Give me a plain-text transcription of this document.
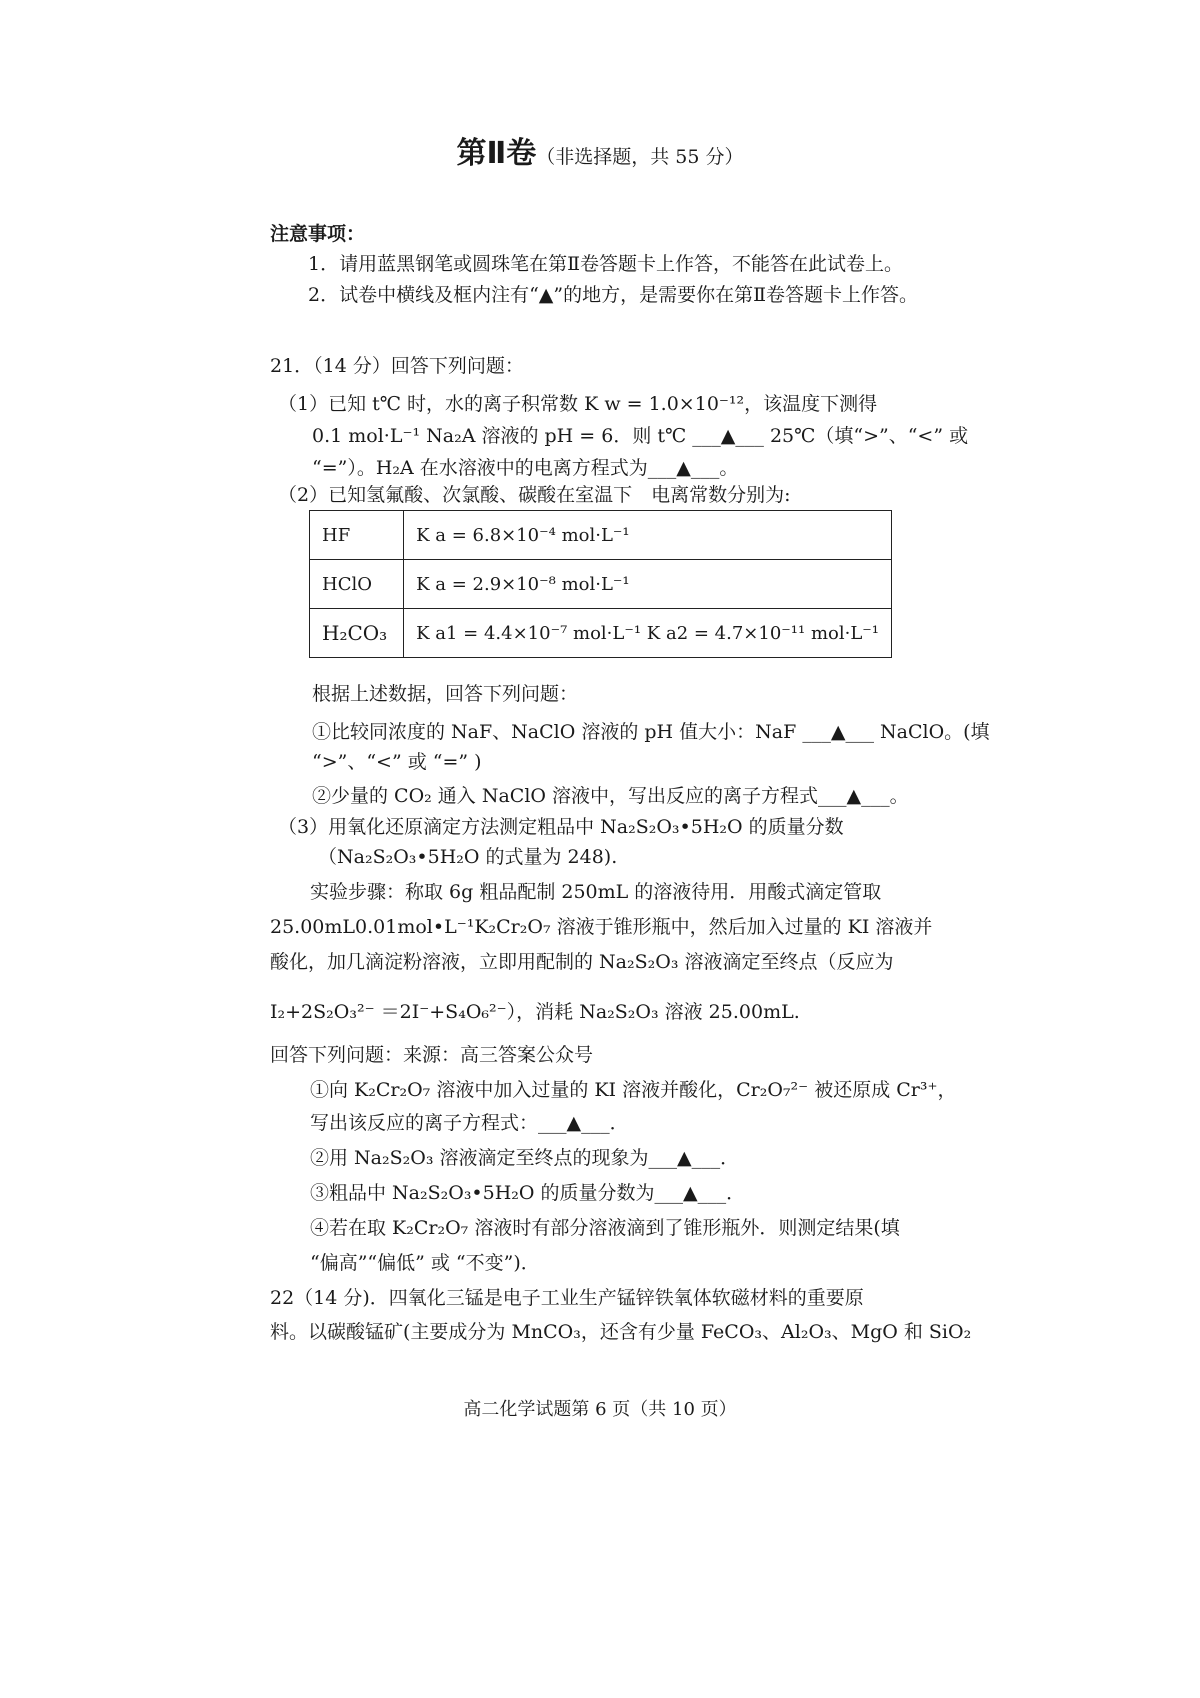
第Ⅱ卷（非选择题，共 55 分）
注意事项：
1．请用蓝黑钢笔或圆珠笔在第Ⅱ卷答题卡上作答，不能答在此试卷上。
2．试卷中横线及框内注有“▲”的地方，是需要你在第Ⅱ卷答题卡上作答。
21．（14 分）回答下列问题：
（1）已知 t℃ 时，水的离子积常数 K w = 1.0×10⁻¹²，该温度下测得
0.1 mol·L⁻¹ Na₂A 溶液的 pH = 6．则 t℃ ___▲___ 25℃（填“>”、“<” 或
“=”）。H₂A 在水溶液中的电离方程式为___▲___。
（2）已知氢氟酸、次氯酸、碳酸在室温下　电离常数分别为:
HF	K a = 6.8×10⁻⁴ mol·L⁻¹
HClO	K a = 2.9×10⁻⁸ mol·L⁻¹
H₂CO₃	K a1 = 4.4×10⁻⁷ mol·L⁻¹ K a2 = 4.7×10⁻¹¹ mol·L⁻¹
根据上述数据，回答下列问题：
①比较同浓度的 NaF、NaClO 溶液的 pH 值大小：NaF ___▲___ NaClO。(填
“>”、“<” 或 “=” )
②少量的 CO₂ 通入 NaClO 溶液中，写出反应的离子方程式___▲___。
（3）用氧化还原滴定方法测定粗品中 Na₂S₂O₃•5H₂O 的质量分数
（Na₂S₂O₃•5H₂O 的式量为 248).
实验步骤：称取 6g 粗品配制 250mL 的溶液待用．用酸式滴定管取
25.00mL0.01mol•L⁻¹K₂Cr₂O₇ 溶液于锥形瓶中，然后加入过量的 KI 溶液并
酸化，加几滴淀粉溶液，立即用配制的 Na₂S₂O₃ 溶液滴定至终点（反应为
I₂+2S₂O₃²⁻ ＝2I⁻+S₄O₆²⁻），消耗 Na₂S₂O₃ 溶液 25.00mL.
回答下列问题：来源：高三答案公众号
①向 K₂Cr₂O₇ 溶液中加入过量的 KI 溶液并酸化，Cr₂O₇²⁻ 被还原成 Cr³⁺，
写出该反应的离子方程式：___▲___．
②用 Na₂S₂O₃ 溶液滴定至终点的现象为___▲___．
③粗品中 Na₂S₂O₃•5H₂O 的质量分数为___▲___．
④若在取 K₂Cr₂O₇ 溶液时有部分溶液滴到了锥形瓶外．则测定结果(填
“偏高”“偏低” 或 “不变”)．
22（14 分)．四氧化三锰是电子工业生产锰锌铁氧体软磁材料的重要原
料。以碳酸锰矿(主要成分为 MnCO₃，还含有少量 FeCO₃、Al₂O₃、MgO 和 SiO₂
高二化学试题第 6 页（共 10 页）
